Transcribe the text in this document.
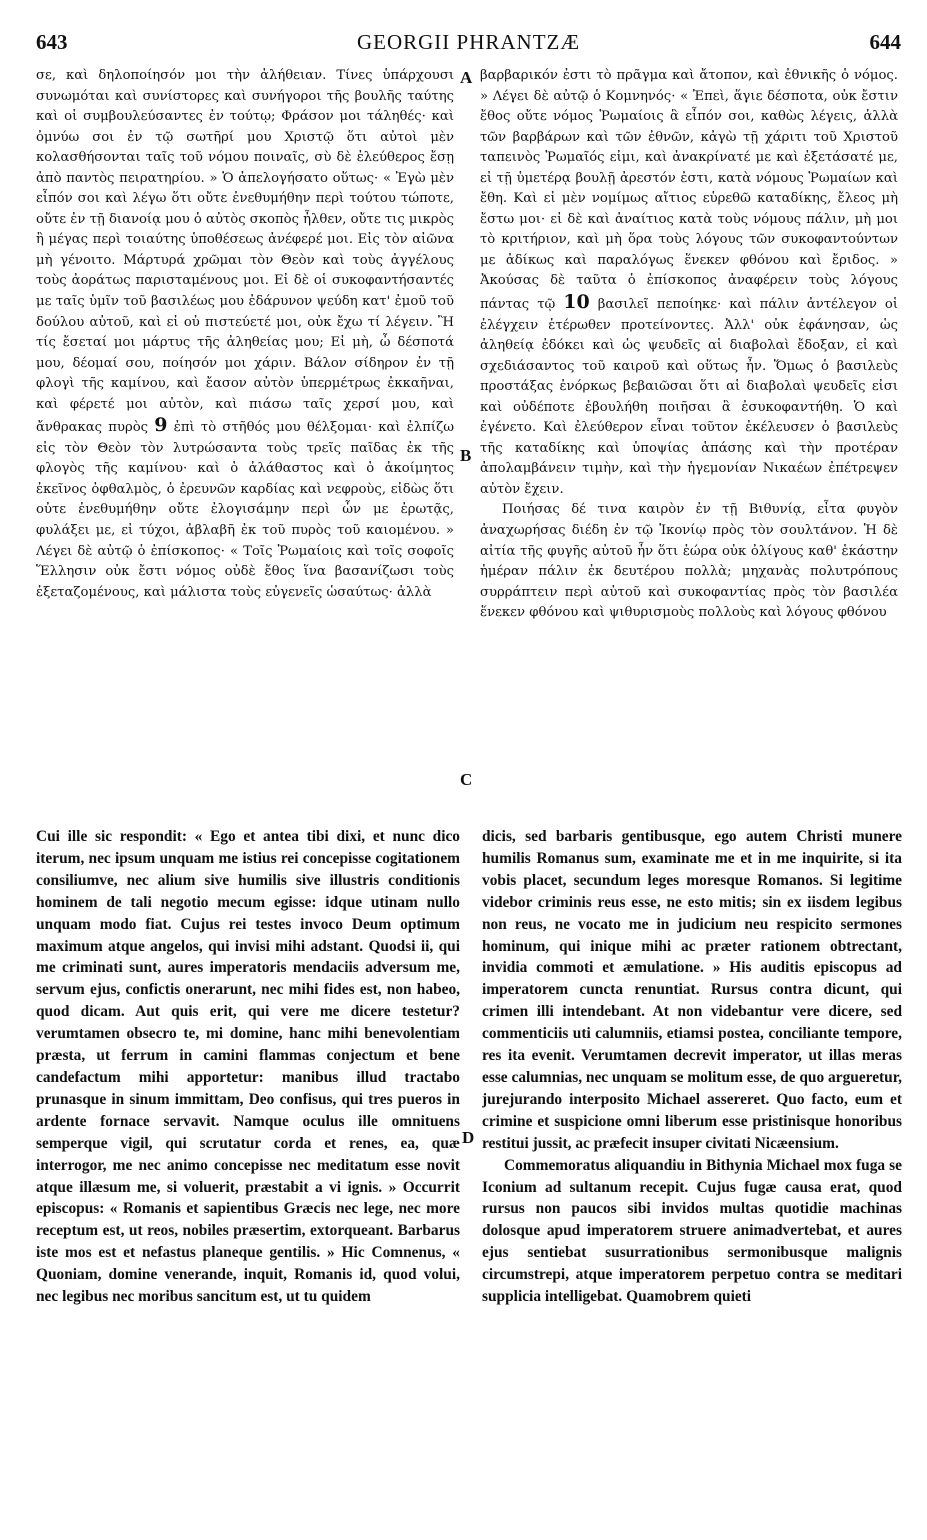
643	GEORGII PHRANTZÆ	644
A
B
C
D

σε, καὶ δηλοποίησόν μοι τὴν ἀλήθειαν. Τίνες ὑπάρχουσι συνωμόται καὶ συνίστορες καὶ συνήγοροι τῆς βουλῆς ταύτης καὶ οἱ συμβουλεύσαντες ἐν τούτῳ; Φράσον μοι τάληθές· καὶ ὀμνύω σοι ἐν τῷ σωτῆρί μου Χριστῷ ὅτι αὐτοὶ μὲν κολασθήσονται ταῖς τοῦ νόμου ποιναῖς, σὺ δὲ ἐλεύθερος ἔσῃ ἀπὸ παντὸς πειρατηρίου. » Ὁ ἀπελογήσατο οὕτως· « Ἐγὼ μὲν εἶπόν σοι καὶ λέγω ὅτι οὔτε ἐνεθυμήθην περὶ τούτου τώποτε, οὔτε ἐν τῇ διανοίᾳ μου ὁ αὐτὸς σκοπὸς ἦλθεν, οὔτε τις μικρὸς ἢ μέγας περὶ τοιαύτης ὑποθέσεως ἀνέφερέ μοι. Εἰς τὸν αἰῶνα μὴ γένοιτο. Μάρτυρά χρῶμαι τὸν Θεὸν καὶ τοὺς ἀγγέλους τοὺς ἀοράτως παρισταμένους μοι. Εἰ δὲ οἱ συκοφαντήσαντές με ταῖς ὑμῖν τοῦ βασιλέως μου ἐδάρυνον ψεύδη κατ' ἐμοῦ τοῦ δούλου αὐτοῦ, καὶ εἰ οὐ πιστεύετέ μοι, οὐκ ἔχω τί λέγειν. Ἢ τίς ἔσεταί μοι μάρτυς τῆς ἀληθείας μου; Εἰ μὴ, ὦ δέσποτά μου, δέομαί σου, ποίησόν μοι χάριν. Βάλον σίδηρον ἐν τῇ φλογὶ τῆς καμίνου, καὶ ἔασον αὐτὸν ὑπερμέτρως ἐκκαῆναι, καὶ φέρετέ μοι αὐτὸν, καὶ πιάσω ταῖς χερσί μου, καὶ ἄνθρακας πυρὸς 9 ἐπὶ τὸ στῆθός μου θέλξομαι· καὶ ἐλπίζω εἰς τὸν Θεὸν τὸν λυτρώσαντα τοὺς τρεῖς παῖδας ἐκ τῆς φλογὸς τῆς καμίνου· καὶ ὁ ἀλάθαστος καὶ ὁ ἀκοίμητος ἐκεῖνος ὀφθαλμὸς, ὁ ἐρευνῶν καρδίας καὶ νεφροὺς, εἰδὼς ὅτι οὐτε ἐνεθυμήθην οὔτε ἐλογισάμην περὶ ὧν με ἐρωτᾷς, φυλάξει με, εἰ τύχοι, ἀβλαβῆ ἐκ τοῦ πυρὸς τοῦ καιομένου. » Λέγει δὲ αὐτῷ ὁ ἐπίσκοπος· « Τοῖς Ῥωμαίοις καὶ τοῖς σοφοῖς Ἕλλησιν οὐκ ἔστι νόμος οὐδὲ ἔθος ἵνα βασανίζωσι τοὺς ἐξεταζομένους, καὶ μάλιστα τοὺς εὐγενεῖς ὡσαύτως· ἀλλὰ

βαρβαρικόν ἐστι τὸ πρᾶγμα καὶ ἄτοπον, καὶ ἐθνικῆς ὁ νόμος. » Λέγει δὲ αὐτῷ ὁ Κομνηνός· « Ἐπεὶ, ἅγιε δέσποτα, οὐκ ἔστιν ἔθος οὔτε νόμος Ῥωμαίοις ἃ εἶπόν σοι, καθὼς λέγεις, ἀλλὰ τῶν βαρβάρων καὶ τῶν ἐθνῶν, κἀγὼ τῇ χάριτι τοῦ Χριστοῦ ταπεινὸς Ῥωμαῖός εἰμι, καὶ ἀνακρίνατέ με καὶ ἐξετάσατέ με, εἰ τῇ ὑμετέρᾳ βουλῇ ἀρεστόν ἐστι, κατὰ νόμους Ῥωμαίων καὶ ἔθη. Καὶ εἰ μὲν νομίμως αἴτιος εὑρεθῶ καταδίκης, ἔλεος μὴ ἔστω μοι· εἰ δὲ καὶ ἀναίτιος κατὰ τοὺς νόμους πάλιν, μὴ μοι τὸ κριτήριον, καὶ μὴ ὅρα τοὺς λόγους τῶν συκοφαντούντων με ἀδίκως καὶ παραλόγως ἕνεκεν φθόνου καὶ ἔριδος. » Ἀκούσας δὲ ταῦτα ὁ ἐπίσκοπος ἀναφέρειν τοὺς λόγους πάντας τῷ 10 βασιλεῖ πεποίηκε· καὶ πάλιν ἀντέλεγον οἱ ἐλέγχειν ἑτέρωθεν προτείνοντες. Ἀλλ' οὐκ ἐφάνησαν, ὡς ἀληθείᾳ ἐδόκει καὶ ὡς ψευδεῖς αἱ διαβολαὶ ἔδοξαν, εἰ καὶ σχεδιάσαντος τοῦ καιροῦ καὶ οὕτως ἦν. Ὅμως ὁ βασιλεὺς προστάξας ἐνόρκως βεβαιῶσαι ὅτι αἱ διαβολαὶ ψευδεῖς εἰσι καὶ οὐδέποτε ἐβουλήθη ποιῆσαι ἃ ἐσυκοφαντήθη. Ὁ καὶ ἐγένετο. Καὶ ἐλεύθερον εἶναι τοῦτον ἐκέλευσεν ὁ βασιλεὺς τῆς καταδίκης καὶ ὑποψίας ἁπάσης καὶ τὴν προτέραν ἀπολαμβάνειν τιμὴν, καὶ τὴν ἡγεμονίαν Νικαέων ἐπέτρεψεν αὐτὸν ἔχειν.

Ποιήσας δέ τινα καιρὸν ἐν τῇ Βιθυνίᾳ, εἶτα φυγὸν ἀναχωρήσας διέδη ἐν τῷ Ἰκονίῳ πρὸς τὸν σουλτάνον. Ἡ δὲ αἰτία τῆς φυγῆς αὐτοῦ ἦν ὅτι ἑώρα οὐκ ὀλίγους καθ' ἑκάστην ἡμέραν πάλιν ἐκ δευτέρου πολλὰ; μηχανὰς πολυτρόπους συρράπτειν περὶ αὐτοῦ καὶ συκοφαντίας πρὸς τὸν βασιλέα ἕνεκεν φθόνου καὶ ψιθυρισμοὺς πολλοὺς καὶ λόγους φθόνου

Cui ille sic respondit: « Ego et antea tibi dixi, et nunc dico iterum, nec ipsum unquam me istius rei concepisse cogitationem consiliumve, nec alium sive humilis sive illustris conditionis hominem de tali negotio mecum egisse: idque utinam nullo unquam modo fiat. Cujus rei testes invoco Deum optimum maximum atque angelos, qui invisi mihi adstant. Quodsi ii, qui me criminati sunt, aures imperatoris mendaciis adversum me, servum ejus, confictis onerarunt, nec mihi fides est, non habeo, quod dicam. Aut quis erit, qui vere me dicere testetur? verumtamen obsecro te, mi domine, hanc mihi benevolentiam præsta, ut ferrum in camini flammas conjectum et bene candefactum mihi apportetur: manibus illud tractabo prunasque in sinum immittam, Deo confisus, qui tres pueros in ardente fornace servavit. Namque oculus ille omnituens semperque vigil, qui scrutatur corda et renes, ea, quæ interrogor, me nec animo concepisse nec meditatum esse novit atque illæsum me, si voluerit, præstabit a vi ignis. » Occurrit episcopus: « Romanis et sapientibus Græcis nec lege, nec more receptum est, ut reos, nobiles præsertim, extorqueant. Barbarus iste mos est et nefastus planeque gentilis. » Hic Comnenus, « Quoniam, domine venerande, inquit, Romanis id, quod volui, nec legibus nec moribus sancitum est, ut tu quidem

dicis, sed barbaris gentibusque, ego autem Christi munere humilis Romanus sum, examinate me et in me inquirite, si ita vobis placet, secundum leges moresque Romanos. Si legitime videbor criminis reus esse, ne esto mitis; sin ex iisdem legibus non reus, ne vocato me in judicium neu respicito sermones hominum, qui inique mihi ac præter rationem obtrectant, invidia commoti et æmulatione. » His auditis episcopus ad imperatorem cuncta renuntiat. Rursus contra dicunt, qui crimen illi intendebant. At non videbantur vere dicere, sed commenticiis uti calumniis, etiamsi postea, conciliante tempore, res ita evenit. Verumtamen decrevit imperator, ut illas meras esse calumnias, nec unquam se molitum esse, de quo argueretur, jurejurando interposito Michael assereret. Quo facto, eum et crimine et suspicione omni liberum esse pristinisque honoribus restitui jussit, ac præfecit insuper civitati Nicæensium.

Commemoratus aliquandiu in Bithynia Michael mox fuga se Iconium ad sultanum recepit. Cujus fugæ causa erat, quod rursus non paucos sibi invidos multas quotidie machinas dolosque apud imperatorem struere animadvertebat, et aures ejus sentiebat susurrationibus sermonibusque malignis circumstrepi, atque imperatorem perpetuo contra se meditari supplicia intelligebat. Quamobrem quieti
